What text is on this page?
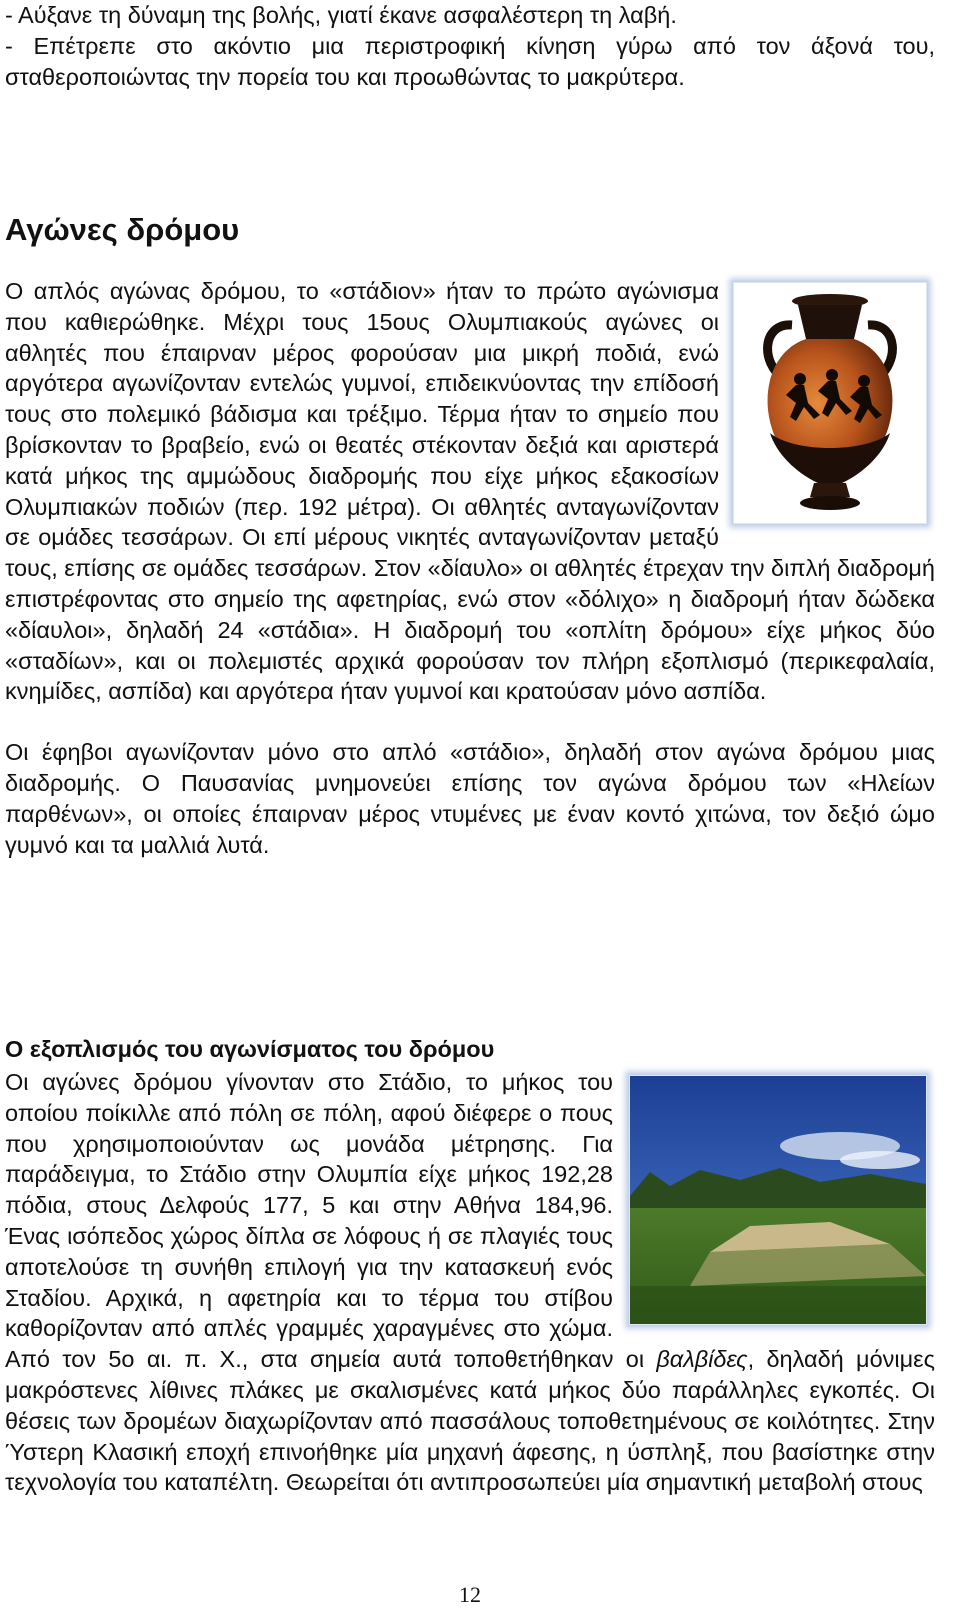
- Αύξανε τη δύναμη της βολής, γιατί έκανε ασφαλέστερη τη λαβή.

- Επέτρεπε στο ακόντιο μια περιστροφική κίνηση γύρω από τον άξονά του, σταθεροποιώντας την πορεία του και προωθώντας το μακρύτερα.

Αγώνες δρόμου

Ο απλός αγώνας δρόμου, το «στάδιον» ήταν το πρώτο αγώνισμα που καθιερώθηκε. Μέχρι τους 15ους Ολυμπιακούς αγώνες οι αθλητές που έπαιρναν μέρος φορούσαν μια μικρή ποδιά, ενώ αργότερα αγωνίζονταν εντελώς γυμνοί, επιδεικνύοντας την επίδοσή τους στο πολεμικό βάδισμα και τρέξιμο. Τέρμα ήταν το σημείο που βρίσκονταν το βραβείο, ενώ οι θεατές στέκονταν δεξιά και αριστερά κατά μήκος της αμμώδους διαδρομής που είχε μήκος εξακοσίων Ολυμπιακών ποδιών (περ. 192 μέτρα). Οι αθλητές ανταγωνίζονταν σε ομάδες τεσσάρων. Οι επί μέρους νικητές ανταγωνίζονταν μεταξύ τους, επίσης σε ομάδες τεσσάρων. Στον «δίαυλο» οι αθλητές έτρεχαν την διπλή διαδρομή επιστρέφοντας στο σημείο της αφετηρίας, ενώ στον «δόλιχο» η διαδρομή ήταν δώδεκα «δίαυλοι», δηλαδή 24 «στάδια». Η διαδρομή του «οπλίτη δρόμου» είχε μήκος δύο «σταδίων», και οι πολεμιστές αρχικά φορούσαν τον πλήρη εξοπλισμό (περικεφαλαία, κνημίδες, ασπίδα) και αργότερα ήταν γυμνοί και κρατούσαν μόνο ασπίδα.

Οι έφηβοι αγωνίζονταν μόνο στο απλό «στάδιο», δηλαδή στον αγώνα δρόμου μιας διαδρομής. Ο Παυσανίας μνημονεύει επίσης τον αγώνα δρόμου των «Ηλείων παρθένων», οι οποίες έπαιρναν μέρος ντυμένες με έναν κοντό χιτώνα, τον δεξιό ώμο γυμνό και τα μαλλιά λυτά.

Ο εξοπλισμός του αγωνίσματος του δρόμου

Οι αγώνες δρόμου γίνονταν στο Στάδιο, το μήκος του οποίου ποίκιλλε από πόλη σε πόλη, αφού διέφερε ο πους που χρησιμοποιούνταν ως μονάδα μέτρησης. Για παράδειγμα, το Στάδιο στην Ολυμπία είχε μήκος 192,28 πόδια, στους Δελφούς 177, 5 και στην Αθήνα 184,96. Ένας ισόπεδος χώρος δίπλα σε λόφους ή σε πλαγιές τους αποτελούσε τη συνήθη επιλογή για την κατασκευή ενός Σταδίου. Αρχικά, η αφετηρία και το τέρμα του στίβου καθορίζονταν από απλές γραμμές χαραγμένες στο χώμα. Από τον 5ο αι. π. Χ., στα σημεία αυτά τοποθετήθηκαν οι βαλβίδες, δηλαδή μόνιμες μακρόστενες λίθινες πλάκες με σκαλισμένες κατά μήκος δύο παράλληλες εγκοπές. Οι θέσεις των δρομέων διαχωρίζονταν από πασσάλους τοποθετημένους σε κοιλότητες. Στην Ύστερη Κλασική εποχή επινοήθηκε μία μηχανή άφεσης, η ύσπληξ, που βασίστηκε στην τεχνολογία του καταπέλτη. Θεωρείται ότι αντιπροσωπεύει μία σημαντική μεταβολή στους

12
